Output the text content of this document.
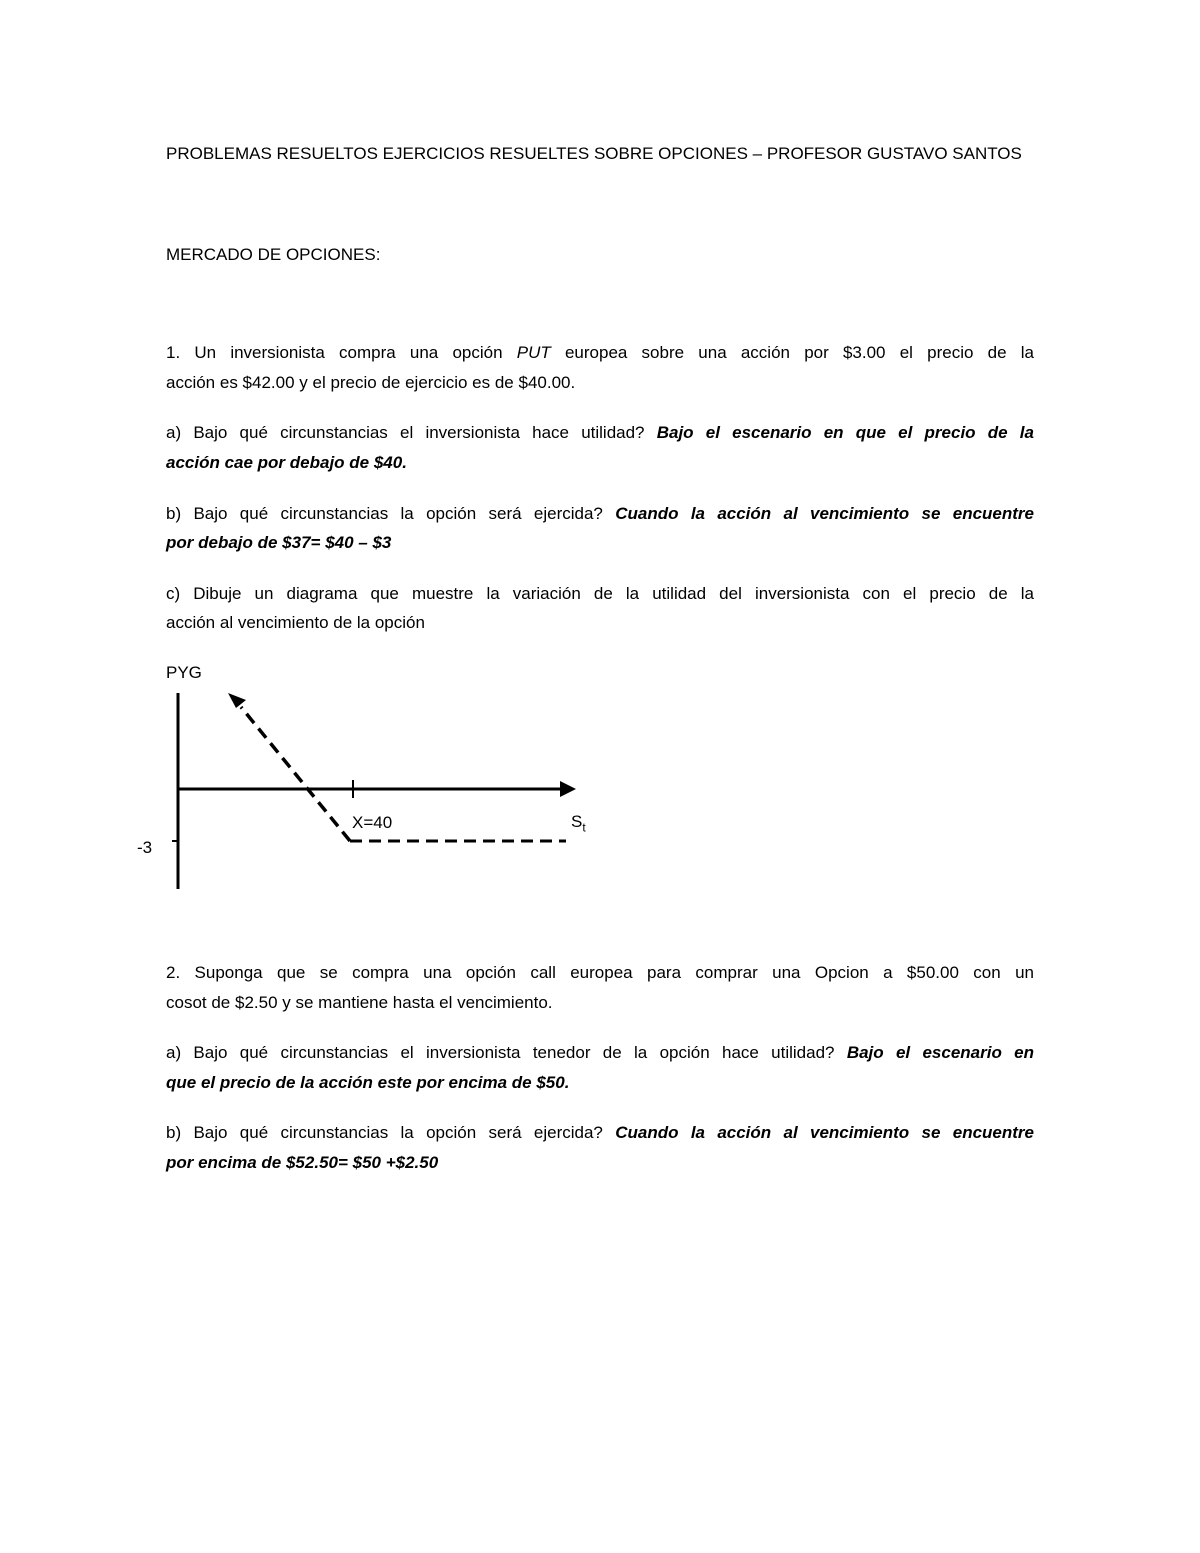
PROBLEMAS RESUELTOS EJERCICIOS RESUELTES SOBRE OPCIONES – PROFESOR GUSTAVO SANTOS
MERCADO DE OPCIONES:
1. Un inversionista compra una opción PUT europea sobre una acción por $3.00 el precio de la
acción es $42.00 y el precio de ejercicio es de $40.00.
a) Bajo qué circunstancias el inversionista hace utilidad? Bajo el escenario en que el precio de la
acción cae por debajo de $40.
b) Bajo qué circunstancias la opción será ejercida? Cuando la acción al vencimiento se encuentre
por debajo de $37= $40 – $3
c) Dibuje un diagrama que muestre la variación de la utilidad del inversionista con el precio de la
acción al vencimiento de la opción
PYG
-3
X=40	$S_t$
2. Suponga que se compra una opción call europea para comprar una Opcion a $50.00 con un
cosot de $2.50 y se mantiene hasta el vencimiento.
a) Bajo qué circunstancias el inversionista tenedor de la opción hace utilidad? Bajo el escenario en
que el precio de la acción este por encima de $50.
b) Bajo qué circunstancias la opción será ejercida? Cuando la acción al vencimiento se encuentre
por encima de $52.50= $50 +$2.50
